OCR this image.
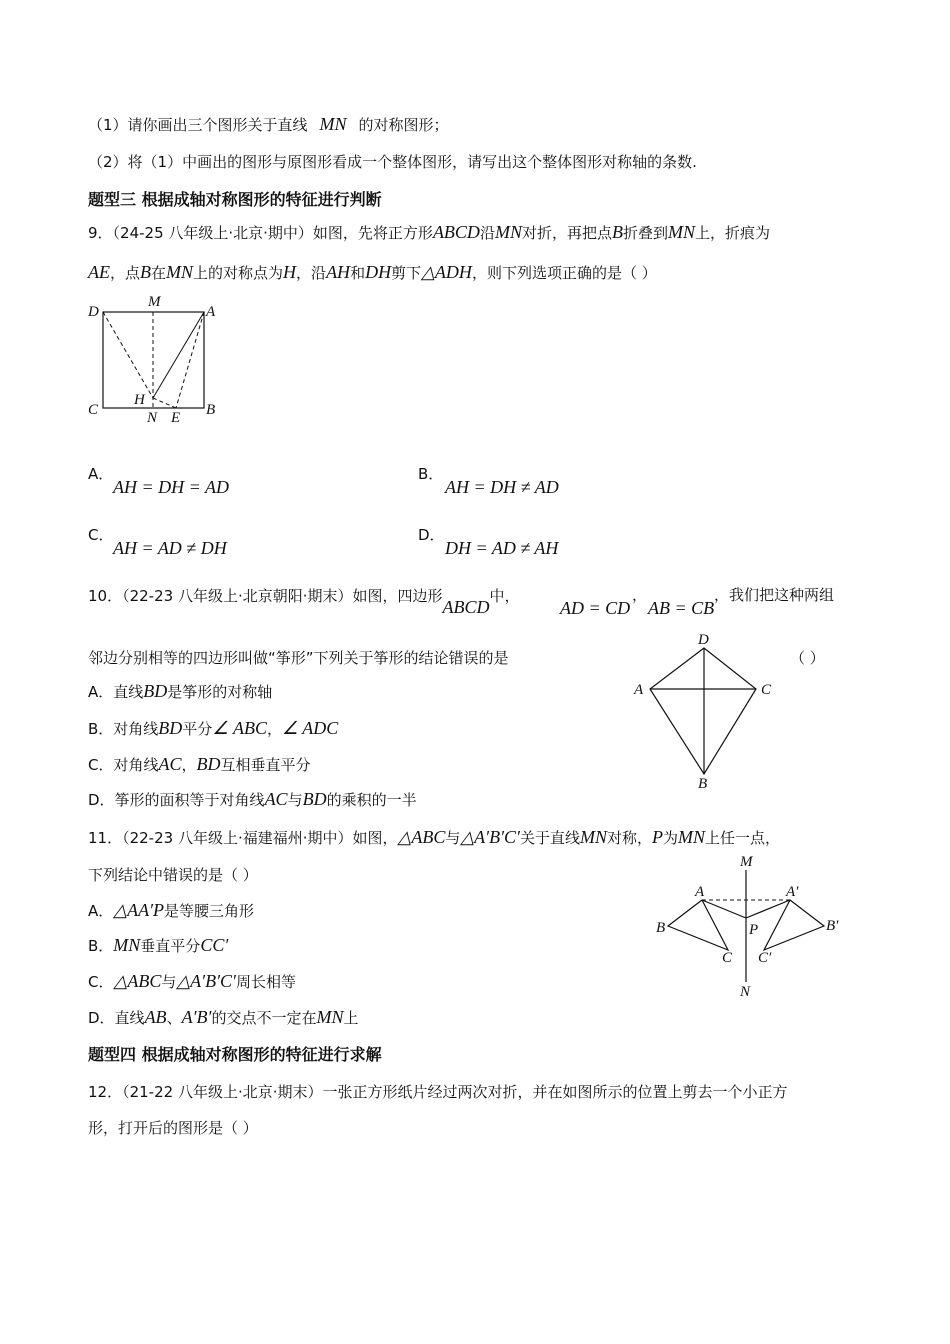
（1）请你画出三个图形关于直线 MN 的对称图形；
（2）将（1）中画出的图形与原图形看成一个整体图形，请写出这个整体图形对称轴的条数.
题型三 根据成轴对称图形的特征进行判断
9．（24-25 八年级上·北京·期中）如图，先将正方形ABCD沿MN对折，再把点B折叠到MN上，折痕为
AE，点B在MN上的对称点为H，沿AH和DH剪下△ADH，则下列选项正确的是（ ）
D
M
A
H
C	N E B
A．
AH = DH = AD
B．
AH = DH ≠ AD
C．
AH = AD ≠ DH
D．
DH = AD ≠ AH
10．（22-23 八年级上·北京朝阳·期末）如图，四边形ABCD中，
AD = CD
，
AB = CB
，我们把这种两组
邻边分别相等的四边形叫做“筝形”下列关于筝形的结论错误的是	（ ）
A．直线BD是筝形的对称轴
B．对角线BD平分∠ ABC，∠ ADC
C．对角线AC，BD互相垂直平分
D．筝形的面积等于对角线AC与BD的乘积的一半
D
A	C
B
11．（22-23 八年级上·福建福州·期中）如图，△ABC与△A′B′C′关于直线MN对称，P为MN上任一点，
下列结论中错误的是（ ）
A．△AA′P是等腰三角形
B．MN垂直平分CC′
C．△ABC与△A′B′C′周长相等
D．直线AB、A′B′的交点不一定在MN上
M
A	A′
B	P	B′
C C′
N
题型四 根据成轴对称图形的特征进行求解
12．（21-22 八年级上·北京·期末）一张正方形纸片经过两次对折，并在如图所示的位置上剪去一个小正方
形，打开后的图形是（ ）
